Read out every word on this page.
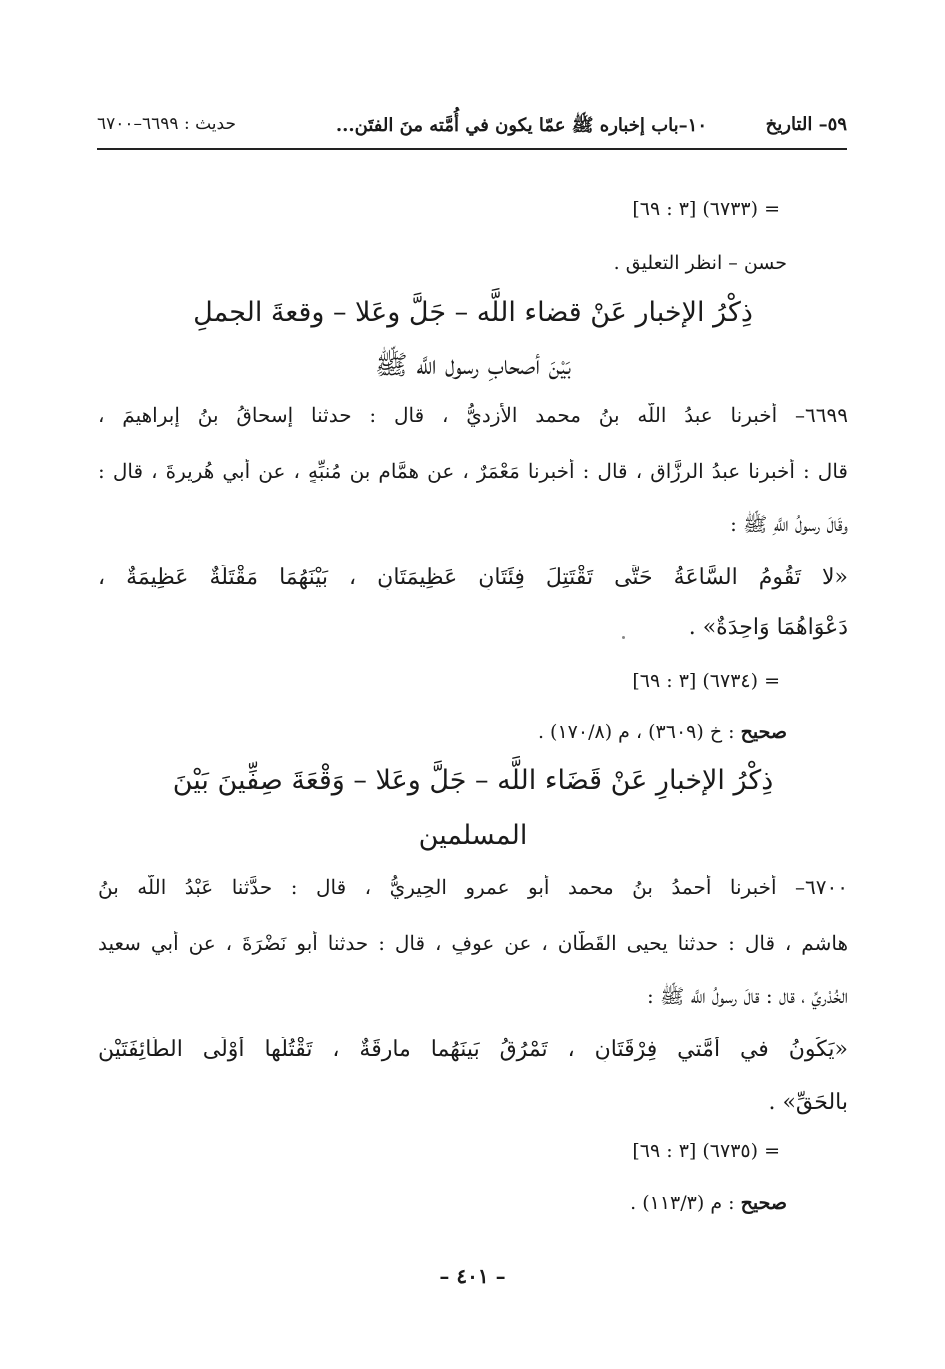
٥٩– التاريخ
١٠–باب إخباره ﷺ عمّا يكون في أُمَّته منَ الفتَن...
حديث : ٦٦٩٩–٦٧٠٠
= (٦٧٣٣) [٣ : ٦٩]
حسن – انظر التعليق .
ذِكْرُ الإخبار عَنْ قضاء اللَّه – جَلَّ وعَلا – وقعةَ الجملِ
بَيْنَ أصحابِ رسول اللَّه ﷺ
٦٦٩٩– أخبرنا عبدُ اللَّه بنُ محمد الأزديُّ ، قال : حدثنا إسحاقُ بنُ إبراهيمَ ،
قال : أخبرنا عبدُ الرزَّاق ، قال : أخبرنا مَعْمَرٌ ، عن همَّامِ بنِ مُنبِّهٍ ، عن أبي هُريرةَ ، قال :
وقَالَ رسولُ اللَّهِ ﷺ :
«لا تَقُومُ السَّاعَةُ حَتَّى تَقْتَتِلَ فِئَتَانِ عَظِيمَتَانِ ، بَيْنَهُمَا مَقْتَلَةٌ عَظِيمَةٌ ،
دَعْوَاهُمَا وَاحِدَةٌ» .
= (٦٧٣٤) [٣ : ٦٩]
صحيح : خ (٣٦٠٩) ، م (١٧٠/٨) .
ذِكْرُ الإخبارِ عَنْ قَضَاء اللَّه – جَلَّ وعَلا – وَقْعَةَ صِفِّينَ بَيْنَ
المسلمين
٦٧٠٠– أخبرنا أحمدُ بنُ محمد أبو عمرو الحِيريُّ ، قال : حدَّثنا عَبْدُ اللَّه بنُ
هاشم ، قال : حدثنا يحيى القَطَّان ، عن عوفٍ ، قال : حدثنا أبو نَضْرَةَ ، عن أبي سعيد
الخُدْريِّ ، قال : قالَ رسولُ اللَّه ﷺ :
«يَكُونُ في أُمَّتي فِرْقَتَانِ ، تَمْرُقُ بَينَهُما مارِقَةٌ ، تَقْتُلُها أَوْلَى الطَّائِفَتَيْنِ
بالحَقِّ» .
= (٦٧٣٥) [٣ : ٦٩]
صحيح : م (١١٣/٣) .
– ٤٠١ –
